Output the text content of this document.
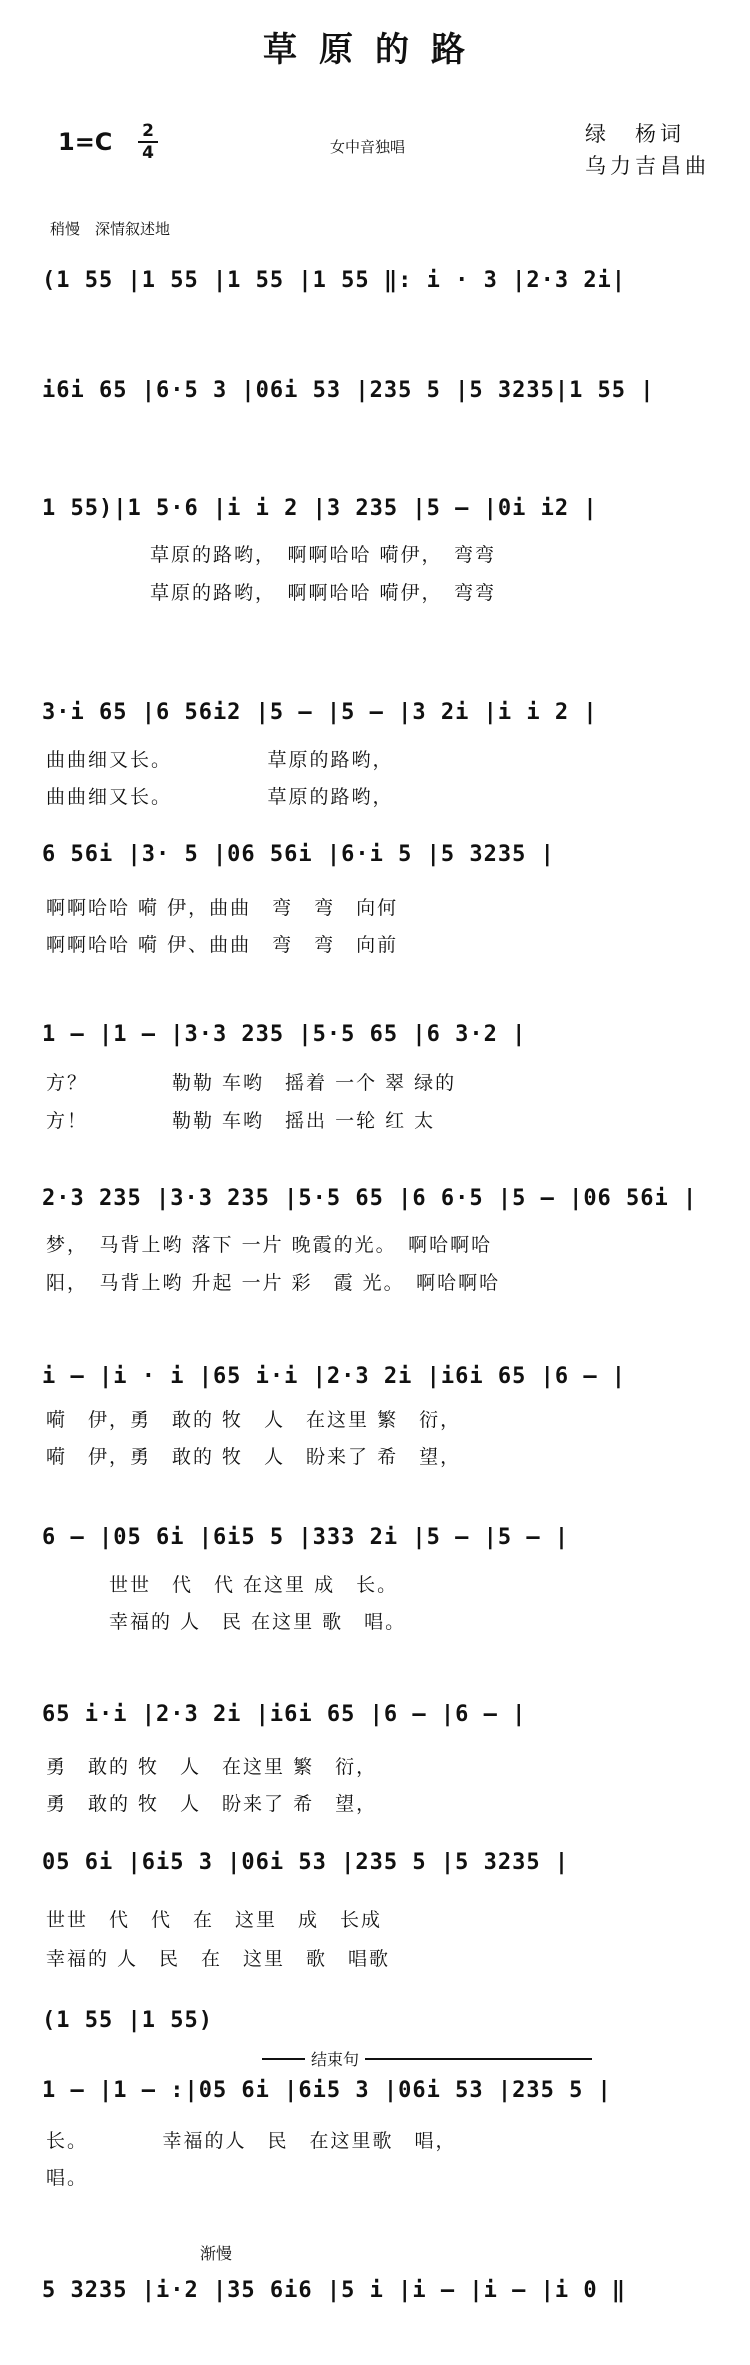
草原的路
1=C 2
4	女中音独唱
绿　杨词
乌力吉昌曲
稍慢　深情叙述地
(1 55 |1 55 |1 55 |1 55 ‖: i · 3 |2·3 2i|
i6i 65 |6·5 3 |06i 53 |235 5 |5 3235|1 55 |
1 55)|1 5·6 |i i 2 |3 235 |5 — |0i i2 |
草原的路哟，　啊啊哈哈 嗬伊，　弯弯
草原的路哟，　啊啊哈哈 嗬伊，　弯弯
3·i 65 |6 56i2 |5 — |5 — |3 2i |i i 2 |
曲曲细又长。　　　　　草原的路哟，
曲曲细又长。　　　　　草原的路哟，
6 56i |3· 5 |06 56i |6·i 5 |5 3235 |
啊啊哈哈 嗬 伊，曲曲　弯　弯　向何
啊啊哈哈 嗬 伊、曲曲　弯　弯　向前
1 — |1 — |3·3 235 |5·5 65 |6 3·2 |
方？　　　　勒勒 车哟　摇着 一个 翠 绿的
方！　　　　勒勒 车哟　摇出 一轮 红 太
2·3 235 |3·3 235 |5·5 65 |6 6·5 |5 — |06 56i |
梦，　马背上哟 落下 一片 晚霞的光。　啊哈啊哈
阳，　马背上哟 升起 一片 彩　霞 光。　啊哈啊哈
i — |i · i |65 i·i |2·3 2i |i6i 65 |6 — |
嗬　伊，勇　敢的 牧　人　在这里 繁　衍，
嗬　伊，勇　敢的 牧　人　盼来了 希　望，
6 — |05 6i |6i5 5 |333 2i |5 — |5 — |
　　　世世　代　代 在这里 成　长。
　　　幸福的 人　民 在这里 歌　唱。
65 i·i |2·3 2i |i6i 65 |6 — |6 — |
勇　敢的 牧　人　在这里 繁　衍，
勇　敢的 牧　人　盼来了 希　望，
05 6i |6i5 3 |06i 53 |235 5 |5 3235 |
世世　代　代　在　这里　成　长成
幸福的 人　民　在　这里　歌　唱歌
(1 55 |1 55)
结束句
1 — |1 — :|05 6i |6i5 3 |06i 53 |235 5 |
长。　　　　幸福的人　民　在这里歌　唱，
唱。
渐慢
5 3235 |i·2 |35 6i6 |5 i |i — |i — |i 0 ‖
